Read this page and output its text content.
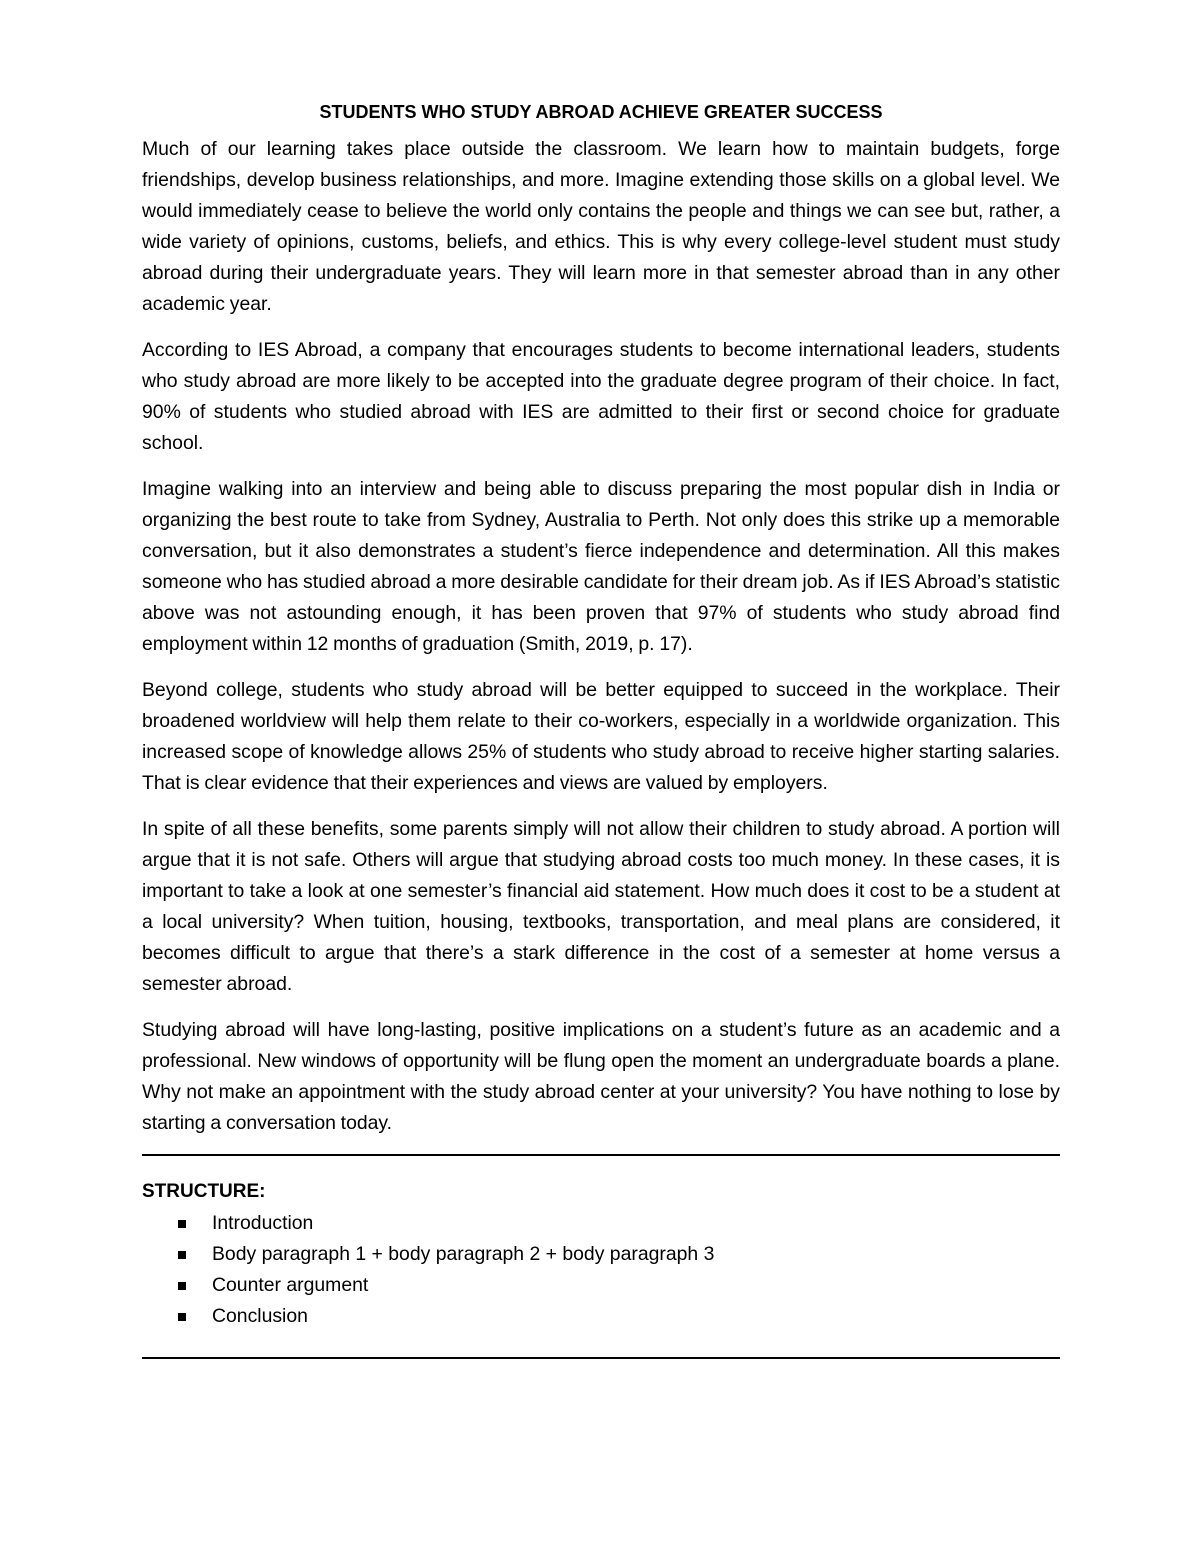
STUDENTS WHO STUDY ABROAD ACHIEVE GREATER SUCCESS

Much of our learning takes place outside the classroom. We learn how to maintain budgets, forge friendships, develop business relationships, and more. Imagine extending those skills on a global level. We would immediately cease to believe the world only contains the people and things we can see but, rather, a wide variety of opinions, customs, beliefs, and ethics. This is why every college-level student must study abroad during their undergraduate years. They will learn more in that semester abroad than in any other academic year.

According to IES Abroad, a company that encourages students to become international leaders, students who study abroad are more likely to be accepted into the graduate degree program of their choice. In fact, 90% of students who studied abroad with IES are admitted to their first or second choice for graduate school.

Imagine walking into an interview and being able to discuss preparing the most popular dish in India or organizing the best route to take from Sydney, Australia to Perth. Not only does this strike up a memorable conversation, but it also demonstrates a student’s fierce independence and determination. All this makes someone who has studied abroad a more desirable candidate for their dream job. As if IES Abroad’s statistic above was not astounding enough, it has been proven that 97% of students who study abroad find employment within 12 months of graduation (Smith, 2019, p. 17).

Beyond college, students who study abroad will be better equipped to succeed in the workplace. Their broadened worldview will help them relate to their co-workers, especially in a worldwide organization. This increased scope of knowledge allows 25% of students who study abroad to receive higher starting salaries. That is clear evidence that their experiences and views are valued by employers.

In spite of all these benefits, some parents simply will not allow their children to study abroad. A portion will argue that it is not safe. Others will argue that studying abroad costs too much money. In these cases, it is important to take a look at one semester’s financial aid statement. How much does it cost to be a student at a local university? When tuition, housing, textbooks, transportation, and meal plans are considered, it becomes difficult to argue that there’s a stark difference in the cost of a semester at home versus a semester abroad.

Studying abroad will have long-lasting, positive implications on a student’s future as an academic and a professional. New windows of opportunity will be flung open the moment an undergraduate boards a plane. Why not make an appointment with the study abroad center at your university? You have nothing to lose by starting a conversation today.

STRUCTURE:
Introduction
Body paragraph 1 + body paragraph 2 + body paragraph 3
Counter argument
Conclusion
